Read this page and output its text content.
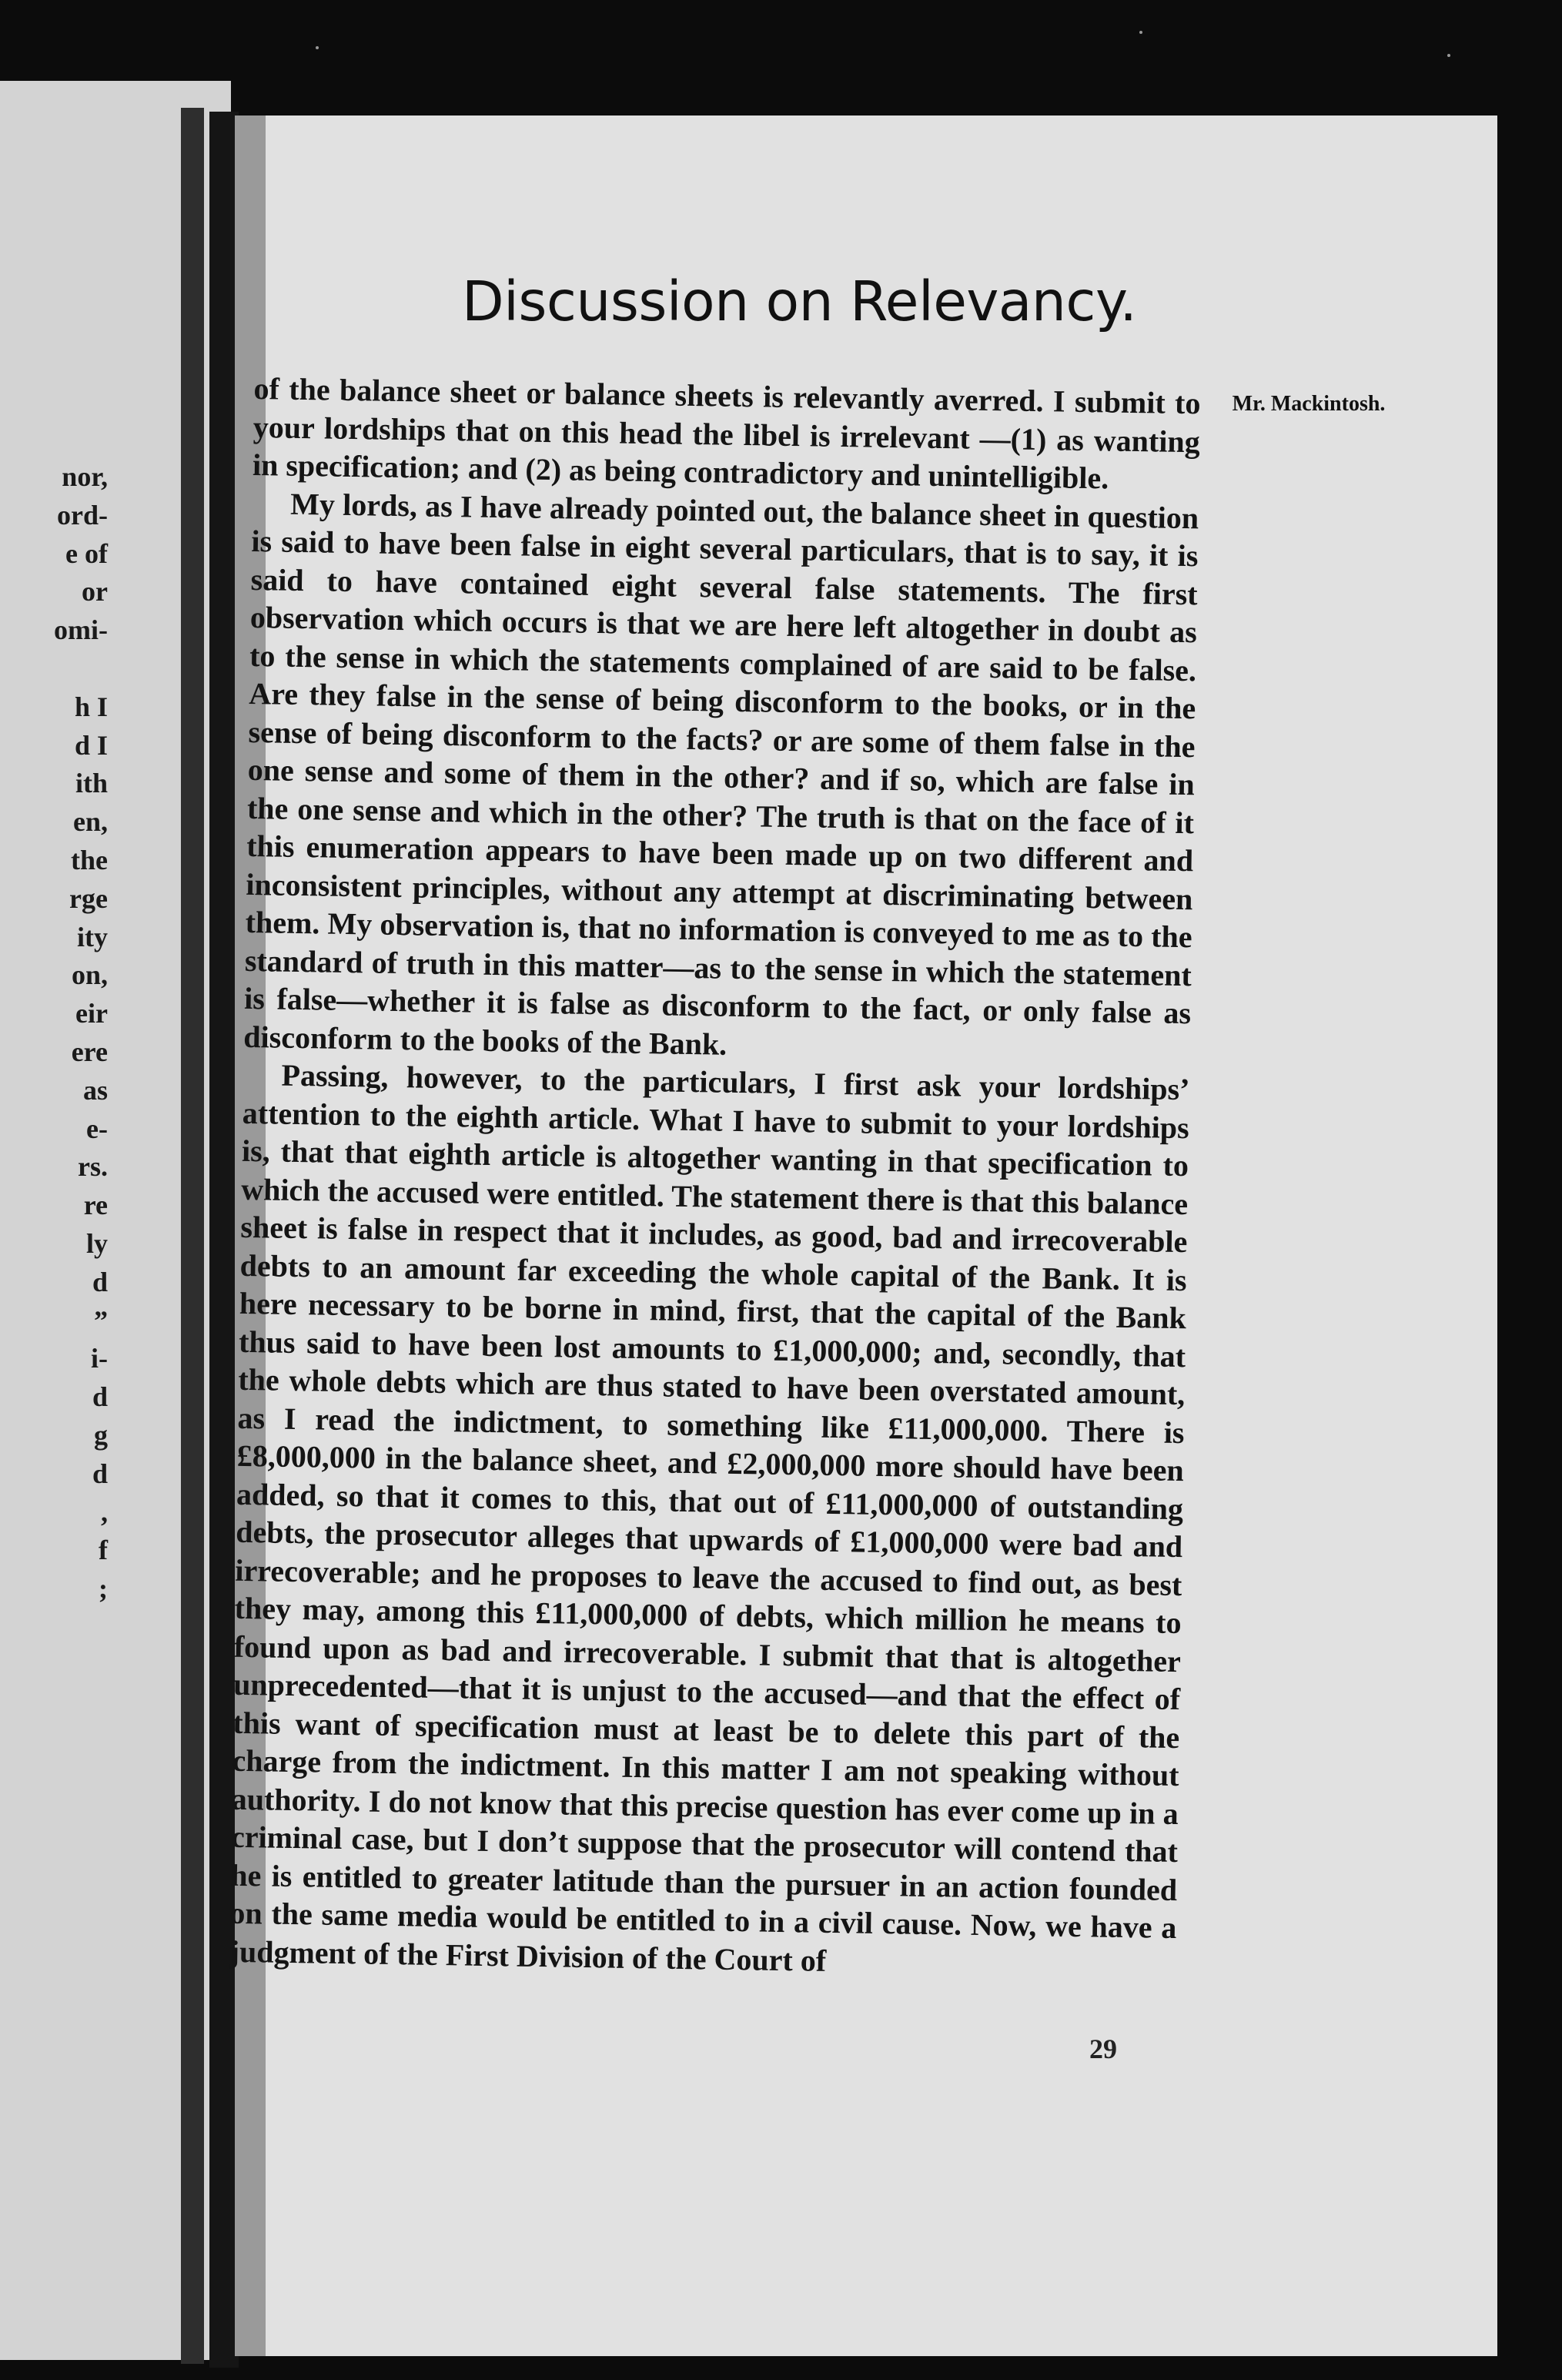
nor,
ord-
e of
or
omi-

h I
d I
ith
en,
the
rge
ity
on,
eir
ere
as
e-
rs.
re
ly
d
”
i-
d
g
d
,
f
;
Discussion on Relevancy.
Mr. Mackintosh.

of the balance sheet or balance sheets is relevantly averred. I submit to your lordships that on this head the libel is irrelevant —(1) as wanting in specification; and (2) as being contradictory and unintelligible.

My lords, as I have already pointed out, the balance sheet in question is said to have been false in eight several particulars, that is to say, it is said to have contained eight several false statements. The first observation which occurs is that we are here left altogether in doubt as to the sense in which the statements complained of are said to be false. Are they false in the sense of being disconform to the books, or in the sense of being disconform to the facts? or are some of them false in the one sense and some of them in the other? and if so, which are false in the one sense and which in the other? The truth is that on the face of it this enumeration appears to have been made up on two different and inconsistent principles, without any attempt at discriminating between them. My observation is, that no information is conveyed to me as to the standard of truth in this matter—as to the sense in which the statement is false—whether it is false as disconform to the fact, or only false as disconform to the books of the Bank.

Passing, however, to the particulars, I first ask your lordships’ attention to the eighth article. What I have to submit to your lordships is, that that eighth article is altogether wanting in that specification to which the accused were entitled. The statement there is that this balance sheet is false in respect that it includes, as good, bad and irrecoverable debts to an amount far exceeding the whole capital of the Bank. It is here necessary to be borne in mind, first, that the capital of the Bank thus said to have been lost amounts to £1,000,000; and, secondly, that the whole debts which are thus stated to have been overstated amount, as I read the indictment, to something like £11,000,000. There is £8,000,000 in the balance sheet, and £2,000,000 more should have been added, so that it comes to this, that out of £11,000,000 of outstanding debts, the prosecutor alleges that upwards of £1,000,000 were bad and irrecoverable; and he proposes to leave the accused to find out, as best they may, among this £11,000,000 of debts, which million he means to found upon as bad and irrecoverable. I submit that that is altogether unprecedented—that it is unjust to the accused—and that the effect of this want of specification must at least be to delete this part of the charge from the indictment. In this matter I am not speaking without authority. I do not know that this precise question has ever come up in a criminal case, but I don’t suppose that the prosecutor will contend that he is entitled to greater latitude than the pursuer in an action founded on the same media would be entitled to in a civil cause. Now, we have a judgment of the First Division of the Court of

29
